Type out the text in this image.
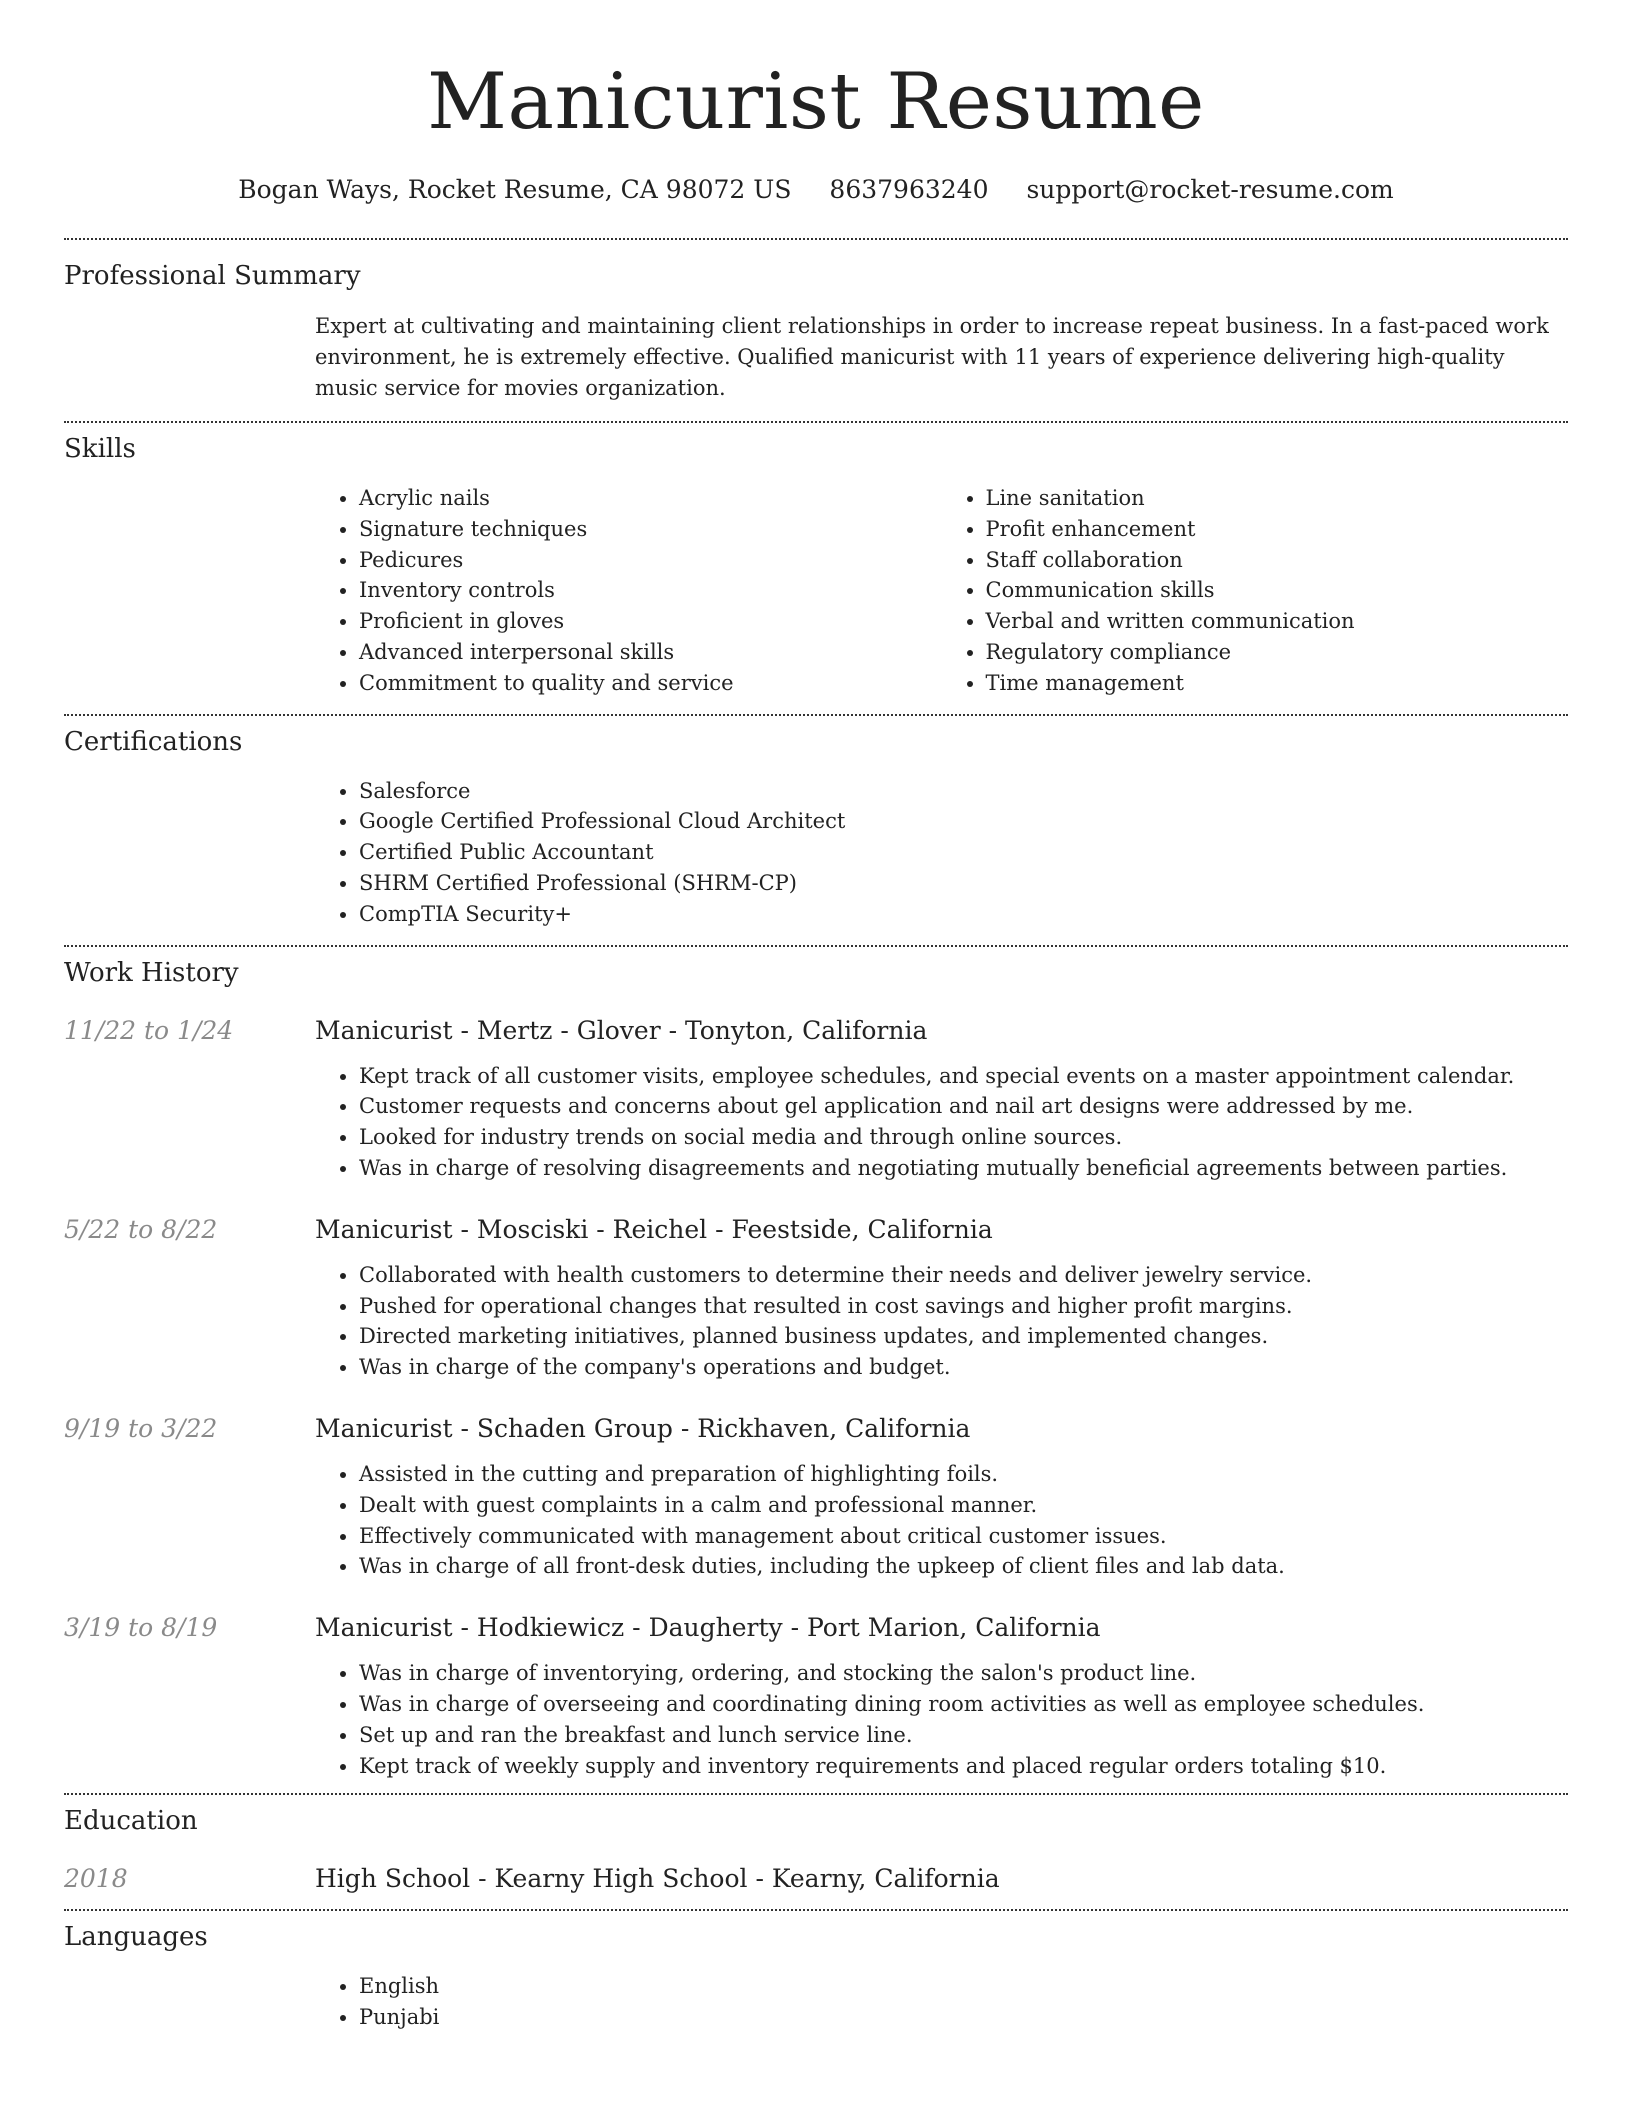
Manicurist Resume
Bogan Ways, Rocket Resume, CA 98072 US 8637963240 support@rocket-resume.com
Professional Summary

Expert at cultivating and maintaining client relationships in order to increase repeat business. In a fast-paced work environment, he is extremely effective. Qualified manicurist with 11 years of experience delivering high-quality music service for movies organization.

Skills
• Acrylic nails
• Signature techniques
• Pedicures
• Inventory controls
• Proficient in gloves
• Advanced interpersonal skills
• Commitment to quality and service
• Line sanitation
• Profit enhancement
• Staff collaboration
• Communication skills
• Verbal and written communication
• Regulatory compliance
• Time management
Certifications
• Salesforce
• Google Certified Professional Cloud Architect
• Certified Public Accountant
• SHRM Certified Professional (SHRM-CP)
• CompTIA Security+
Work History
11/22 to 1/24	Manicurist - Mertz - Glover - Tonyton, California
• Kept track of all customer visits, employee schedules, and special events on a master appointment calendar.
• Customer requests and concerns about gel application and nail art designs were addressed by me.
• Looked for industry trends on social media and through online sources.
• Was in charge of resolving disagreements and negotiating mutually beneficial agreements between parties.
5/22 to 8/22	Manicurist - Mosciski - Reichel - Feestside, California
• Collaborated with health customers to determine their needs and deliver jewelry service.
• Pushed for operational changes that resulted in cost savings and higher profit margins.
• Directed marketing initiatives, planned business updates, and implemented changes.
• Was in charge of the company's operations and budget.
9/19 to 3/22	Manicurist - Schaden Group - Rickhaven, California
• Assisted in the cutting and preparation of highlighting foils.
• Dealt with guest complaints in a calm and professional manner.
• Effectively communicated with management about critical customer issues.
• Was in charge of all front-desk duties, including the upkeep of client files and lab data.
3/19 to 8/19	Manicurist - Hodkiewicz - Daugherty - Port Marion, California
• Was in charge of inventorying, ordering, and stocking the salon's product line.
• Was in charge of overseeing and coordinating dining room activities as well as employee schedules.
• Set up and ran the breakfast and lunch service line.
• Kept track of weekly supply and inventory requirements and placed regular orders totaling $10.
Education
2018	High School - Kearny High School - Kearny, California
Languages
• English
• Punjabi
